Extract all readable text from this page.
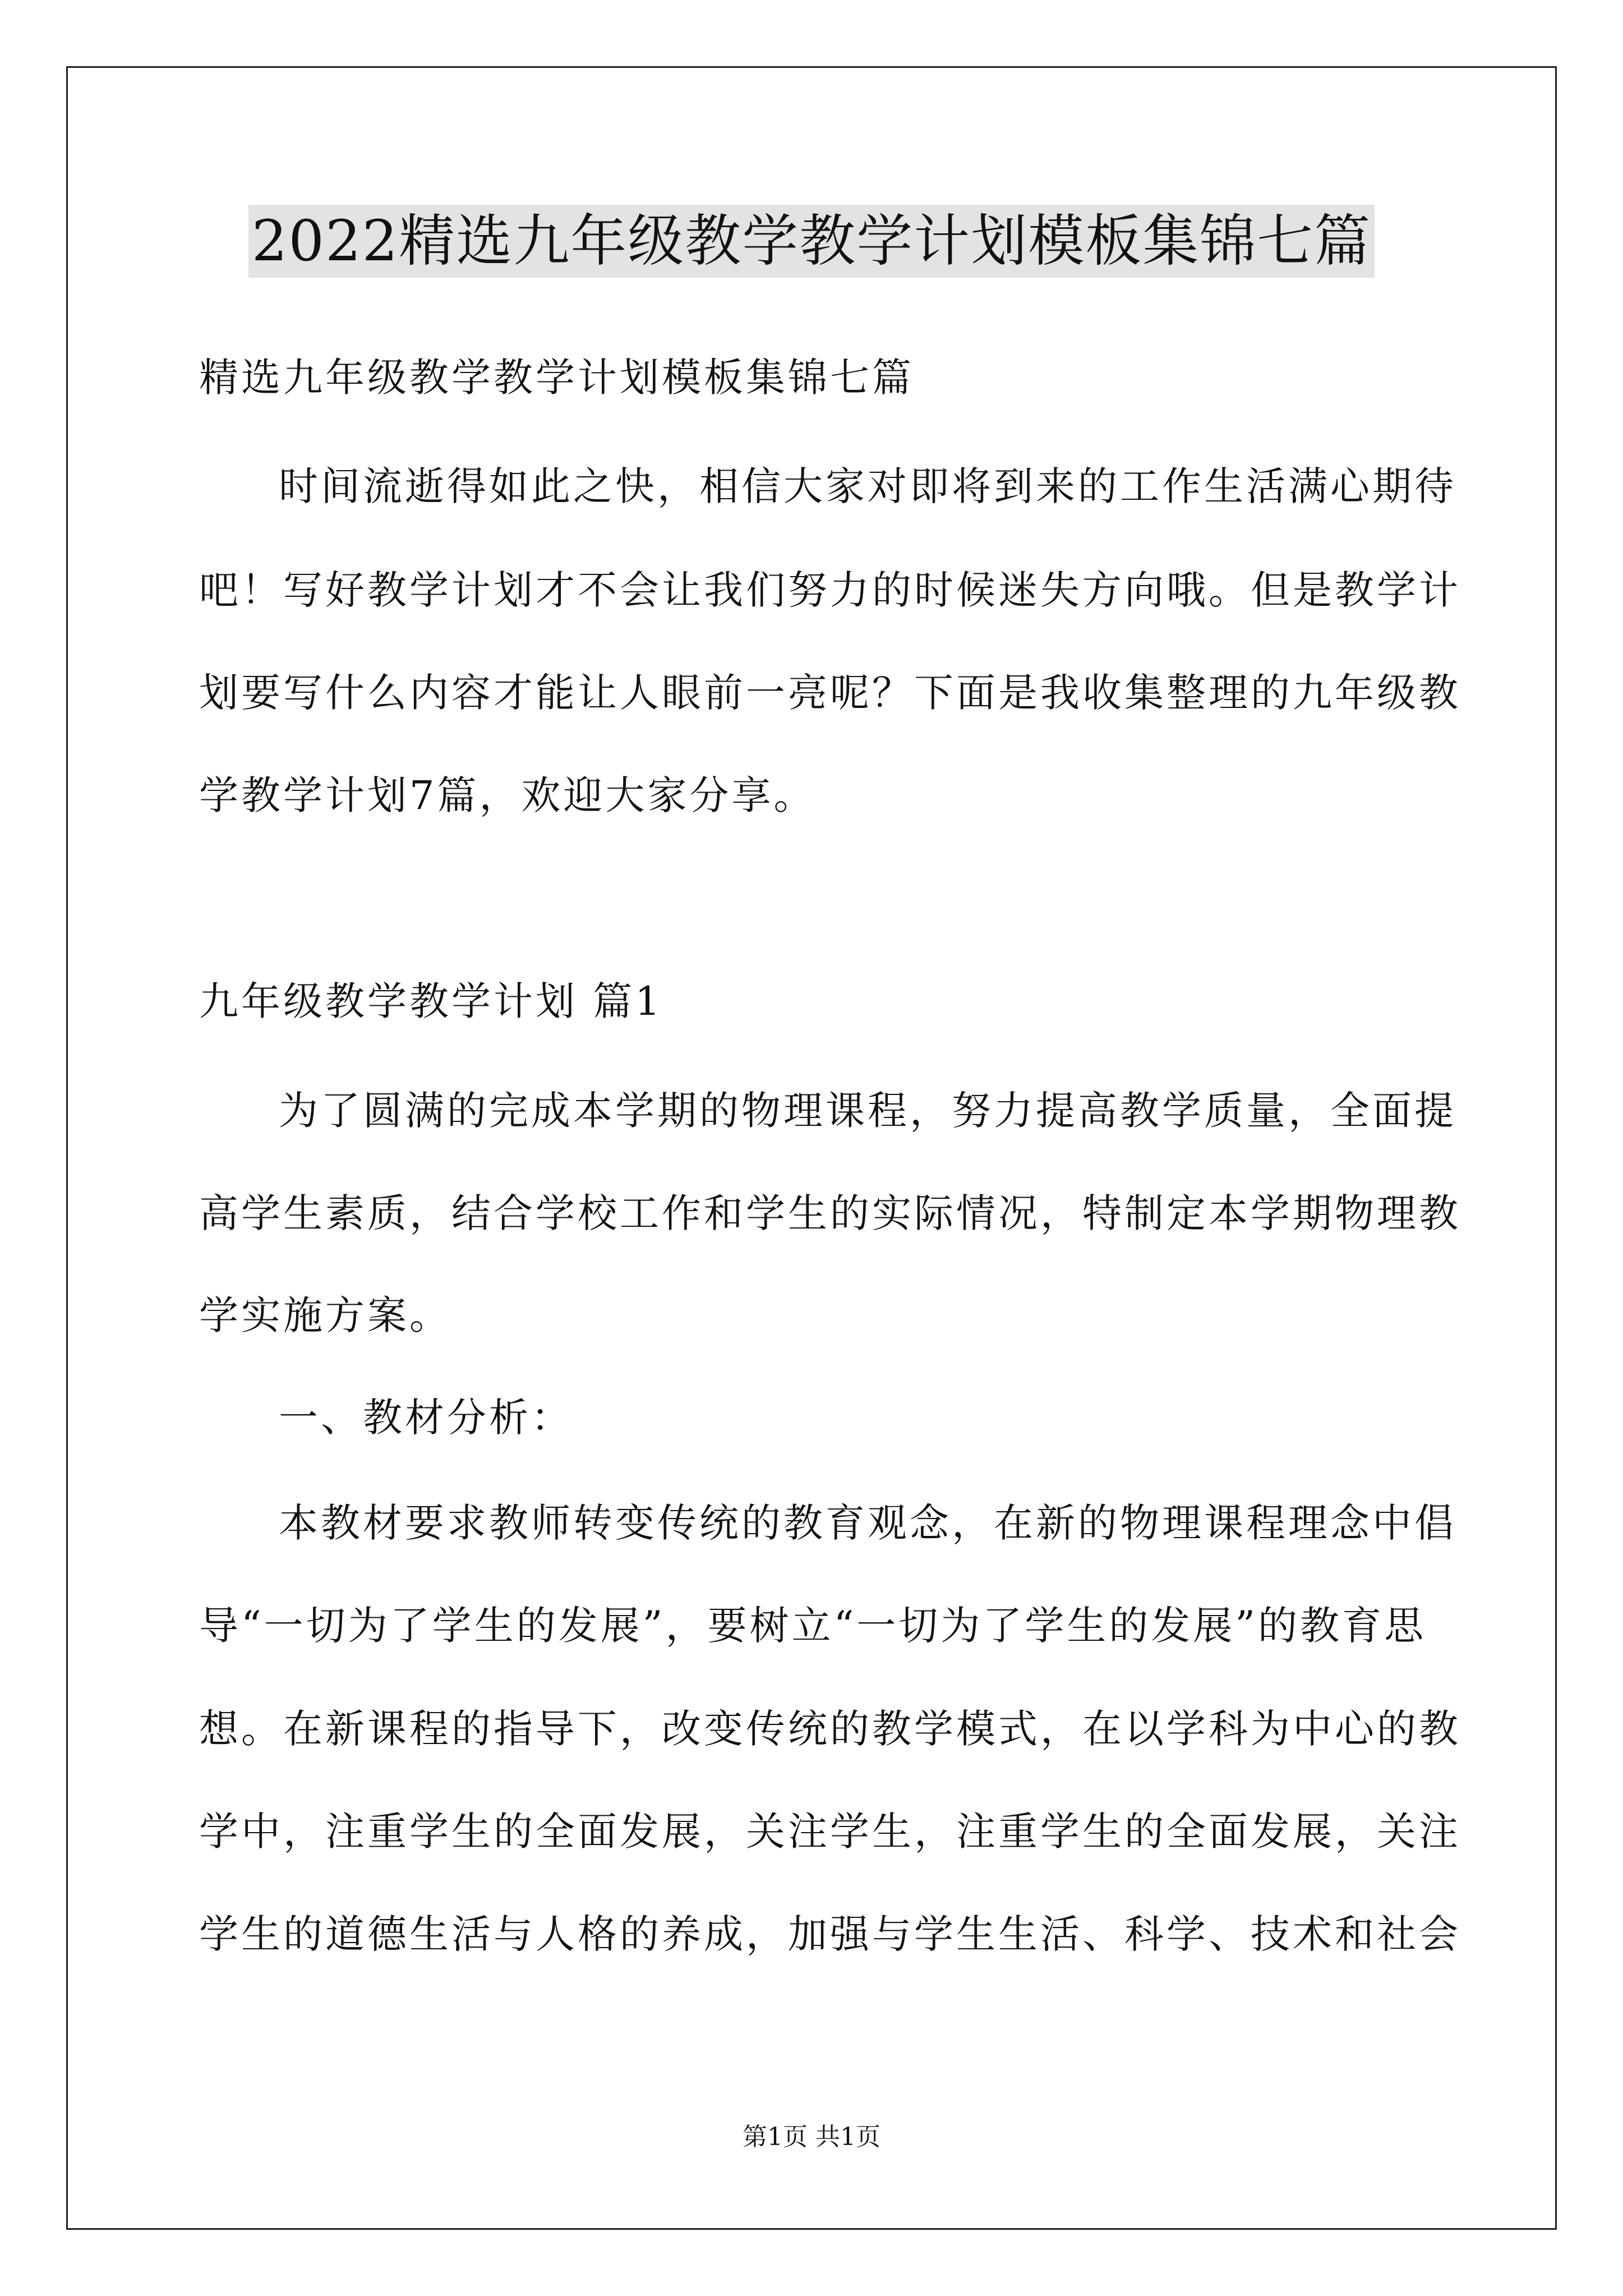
2022精选九年级教学教学计划模板集锦七篇
精选九年级教学教学计划模板集锦七篇
时间流逝得如此之快，相信大家对即将到来的工作生活满心期待
吧！写好教学计划才不会让我们努力的时候迷失方向哦。但是教学计
划要写什么内容才能让人眼前一亮呢？下面是我收集整理的九年级教
学教学计划7篇，欢迎大家分享。
九年级教学教学计划 篇1
为了圆满的完成本学期的物理课程，努力提高教学质量，全面提
高学生素质，结合学校工作和学生的实际情况，特制定本学期物理教
学实施方案。
一、教材分析：
本教材要求教师转变传统的教育观念，在新的物理课程理念中倡
导“一切为了学生的发展”，要树立“一切为了学生的发展”的教育思
想。在新课程的指导下，改变传统的教学模式，在以学科为中心的教
学中，注重学生的全面发展，关注学生，注重学生的全面发展，关注
学生的道德生活与人格的养成，加强与学生生活、科学、技术和社会
第1页 共1页
